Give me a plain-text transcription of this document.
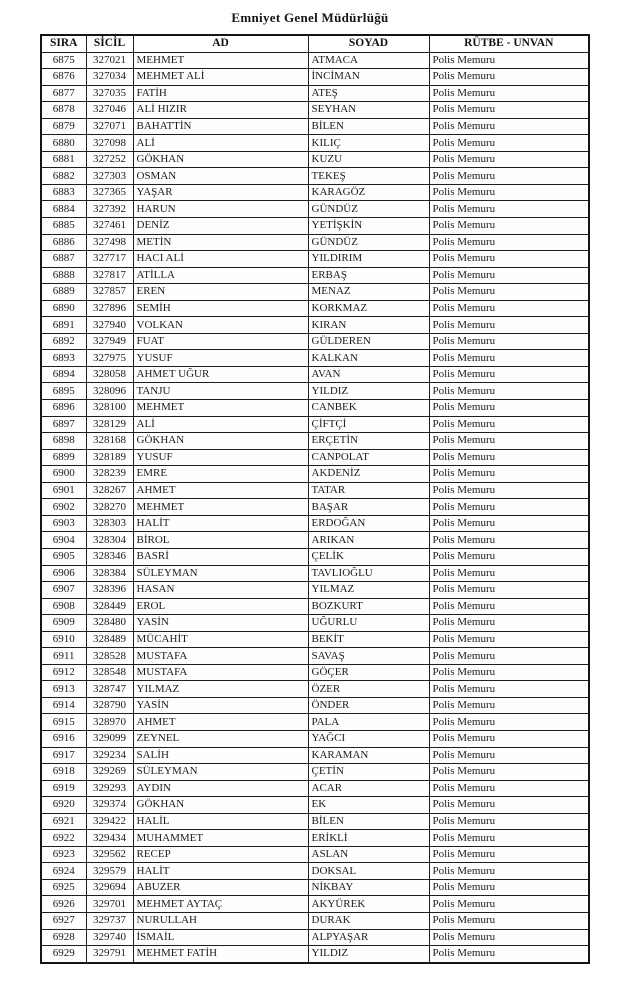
Emniyet Genel Müdürlüğü
SIRA	SİCİL	AD	SOYAD	RÜTBE - UNVAN
6875	327021	MEHMET	ATMACA	Polis Memuru
6876	327034	MEHMET ALİ	İNCİMAN	Polis Memuru
6877	327035	FATİH	ATEŞ	Polis Memuru
6878	327046	ALİ HIZIR	SEYHAN	Polis Memuru
6879	327071	BAHATTİN	BİLEN	Polis Memuru
6880	327098	ALİ	KILIÇ	Polis Memuru
6881	327252	GÖKHAN	KUZU	Polis Memuru
6882	327303	OSMAN	TEKEŞ	Polis Memuru
6883	327365	YAŞAR	KARAGÖZ	Polis Memuru
6884	327392	HARUN	GÜNDÜZ	Polis Memuru
6885	327461	DENİZ	YETİŞKİN	Polis Memuru
6886	327498	METİN	GÜNDÜZ	Polis Memuru
6887	327717	HACI ALİ	YILDIRIM	Polis Memuru
6888	327817	ATİLLA	ERBAŞ	Polis Memuru
6889	327857	EREN	MENAZ	Polis Memuru
6890	327896	SEMİH	KORKMAZ	Polis Memuru
6891	327940	VOLKAN	KIRAN	Polis Memuru
6892	327949	FUAT	GÜLDEREN	Polis Memuru
6893	327975	YUSUF	KALKAN	Polis Memuru
6894	328058	AHMET UĞUR	AVAN	Polis Memuru
6895	328096	TANJU	YILDIZ	Polis Memuru
6896	328100	MEHMET	CANBEK	Polis Memuru
6897	328129	ALİ	ÇİFTÇİ	Polis Memuru
6898	328168	GÖKHAN	ERÇETİN	Polis Memuru
6899	328189	YUSUF	CANPOLAT	Polis Memuru
6900	328239	EMRE	AKDENİZ	Polis Memuru
6901	328267	AHMET	TATAR	Polis Memuru
6902	328270	MEHMET	BAŞAR	Polis Memuru
6903	328303	HALİT	ERDOĞAN	Polis Memuru
6904	328304	BİROL	ARIKAN	Polis Memuru
6905	328346	BASRİ	ÇELİK	Polis Memuru
6906	328384	SÜLEYMAN	TAVLIOĞLU	Polis Memuru
6907	328396	HASAN	YILMAZ	Polis Memuru
6908	328449	EROL	BOZKURT	Polis Memuru
6909	328480	YASİN	UĞURLU	Polis Memuru
6910	328489	MÜCAHİT	BEKİT	Polis Memuru
6911	328528	MUSTAFA	SAVAŞ	Polis Memuru
6912	328548	MUSTAFA	GÖÇER	Polis Memuru
6913	328747	YILMAZ	ÖZER	Polis Memuru
6914	328790	YASİN	ÖNDER	Polis Memuru
6915	328970	AHMET	PALA	Polis Memuru
6916	329099	ZEYNEL	YAĞCI	Polis Memuru
6917	329234	SALİH	KARAMAN	Polis Memuru
6918	329269	SÜLEYMAN	ÇETİN	Polis Memuru
6919	329293	AYDIN	ACAR	Polis Memuru
6920	329374	GÖKHAN	EK	Polis Memuru
6921	329422	HALİL	BİLEN	Polis Memuru
6922	329434	MUHAMMET	ERİKLİ	Polis Memuru
6923	329562	RECEP	ASLAN	Polis Memuru
6924	329579	HALİT	DOKSAL	Polis Memuru
6925	329694	ABUZER	NİKBAY	Polis Memuru
6926	329701	MEHMET AYTAÇ	AKYÜREK	Polis Memuru
6927	329737	NURULLAH	DURAK	Polis Memuru
6928	329740	İSMAİL	ALPYAŞAR	Polis Memuru
6929	329791	MEHMET FATİH	YILDIZ	Polis Memuru
